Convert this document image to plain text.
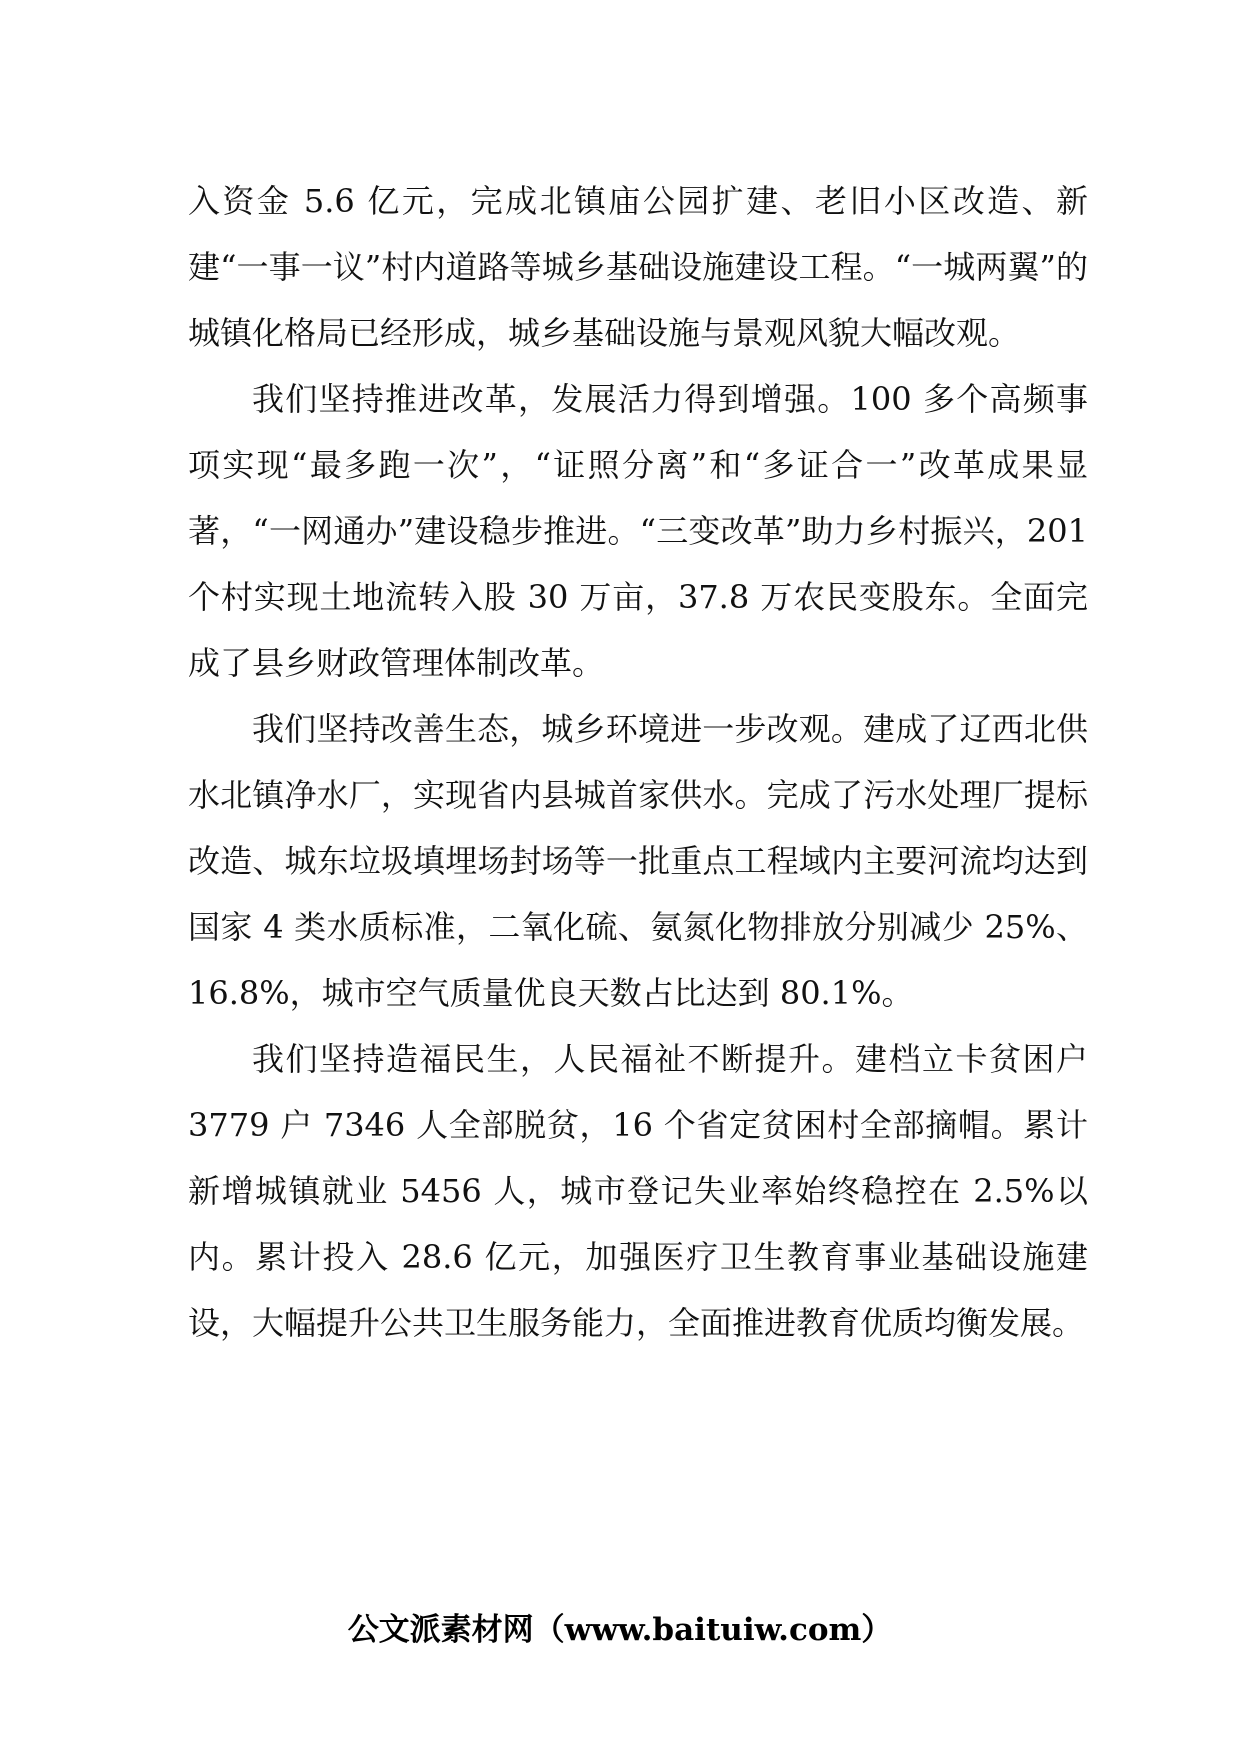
入资金 5.6 亿元，完成北镇庙公园扩建、老旧小区改造、新建“一事一议”村内道路等城乡基础设施建设工程。“一城两翼”的城镇化格局已经形成，城乡基础设施与景观风貌大幅改观。

我们坚持推进改革，发展活力得到增强。100 多个高频事项实现“最多跑一次”，“证照分离”和“多证合一”改革成果显著，“一网通办”建设稳步推进。“三变改革”助力乡村振兴，201 个村实现土地流转入股 30 万亩，37.8 万农民变股东。全面完成了县乡财政管理体制改革。

我们坚持改善生态，城乡环境进一步改观。建成了辽西北供水北镇净水厂，实现省内县城首家供水。完成了污水处理厂提标改造、城东垃圾填埋场封场等一批重点工程域内主要河流均达到国家 4 类水质标准，二氧化硫、氨氮化物排放分别减少 25%、16.8%，城市空气质量优良天数占比达到 80.1%。

我们坚持造福民生，人民福祉不断提升。建档立卡贫困户 3779 户 7346 人全部脱贫，16 个省定贫困村全部摘帽。累计新增城镇就业 5456 人，城市登记失业率始终稳控在 2.5%以内。累计投入 28.6 亿元，加强医疗卫生教育事业基础设施建设，大幅提升公共卫生服务能力，全面推进教育优质均衡发展。

公文派素材网（www.baituiw.com）
